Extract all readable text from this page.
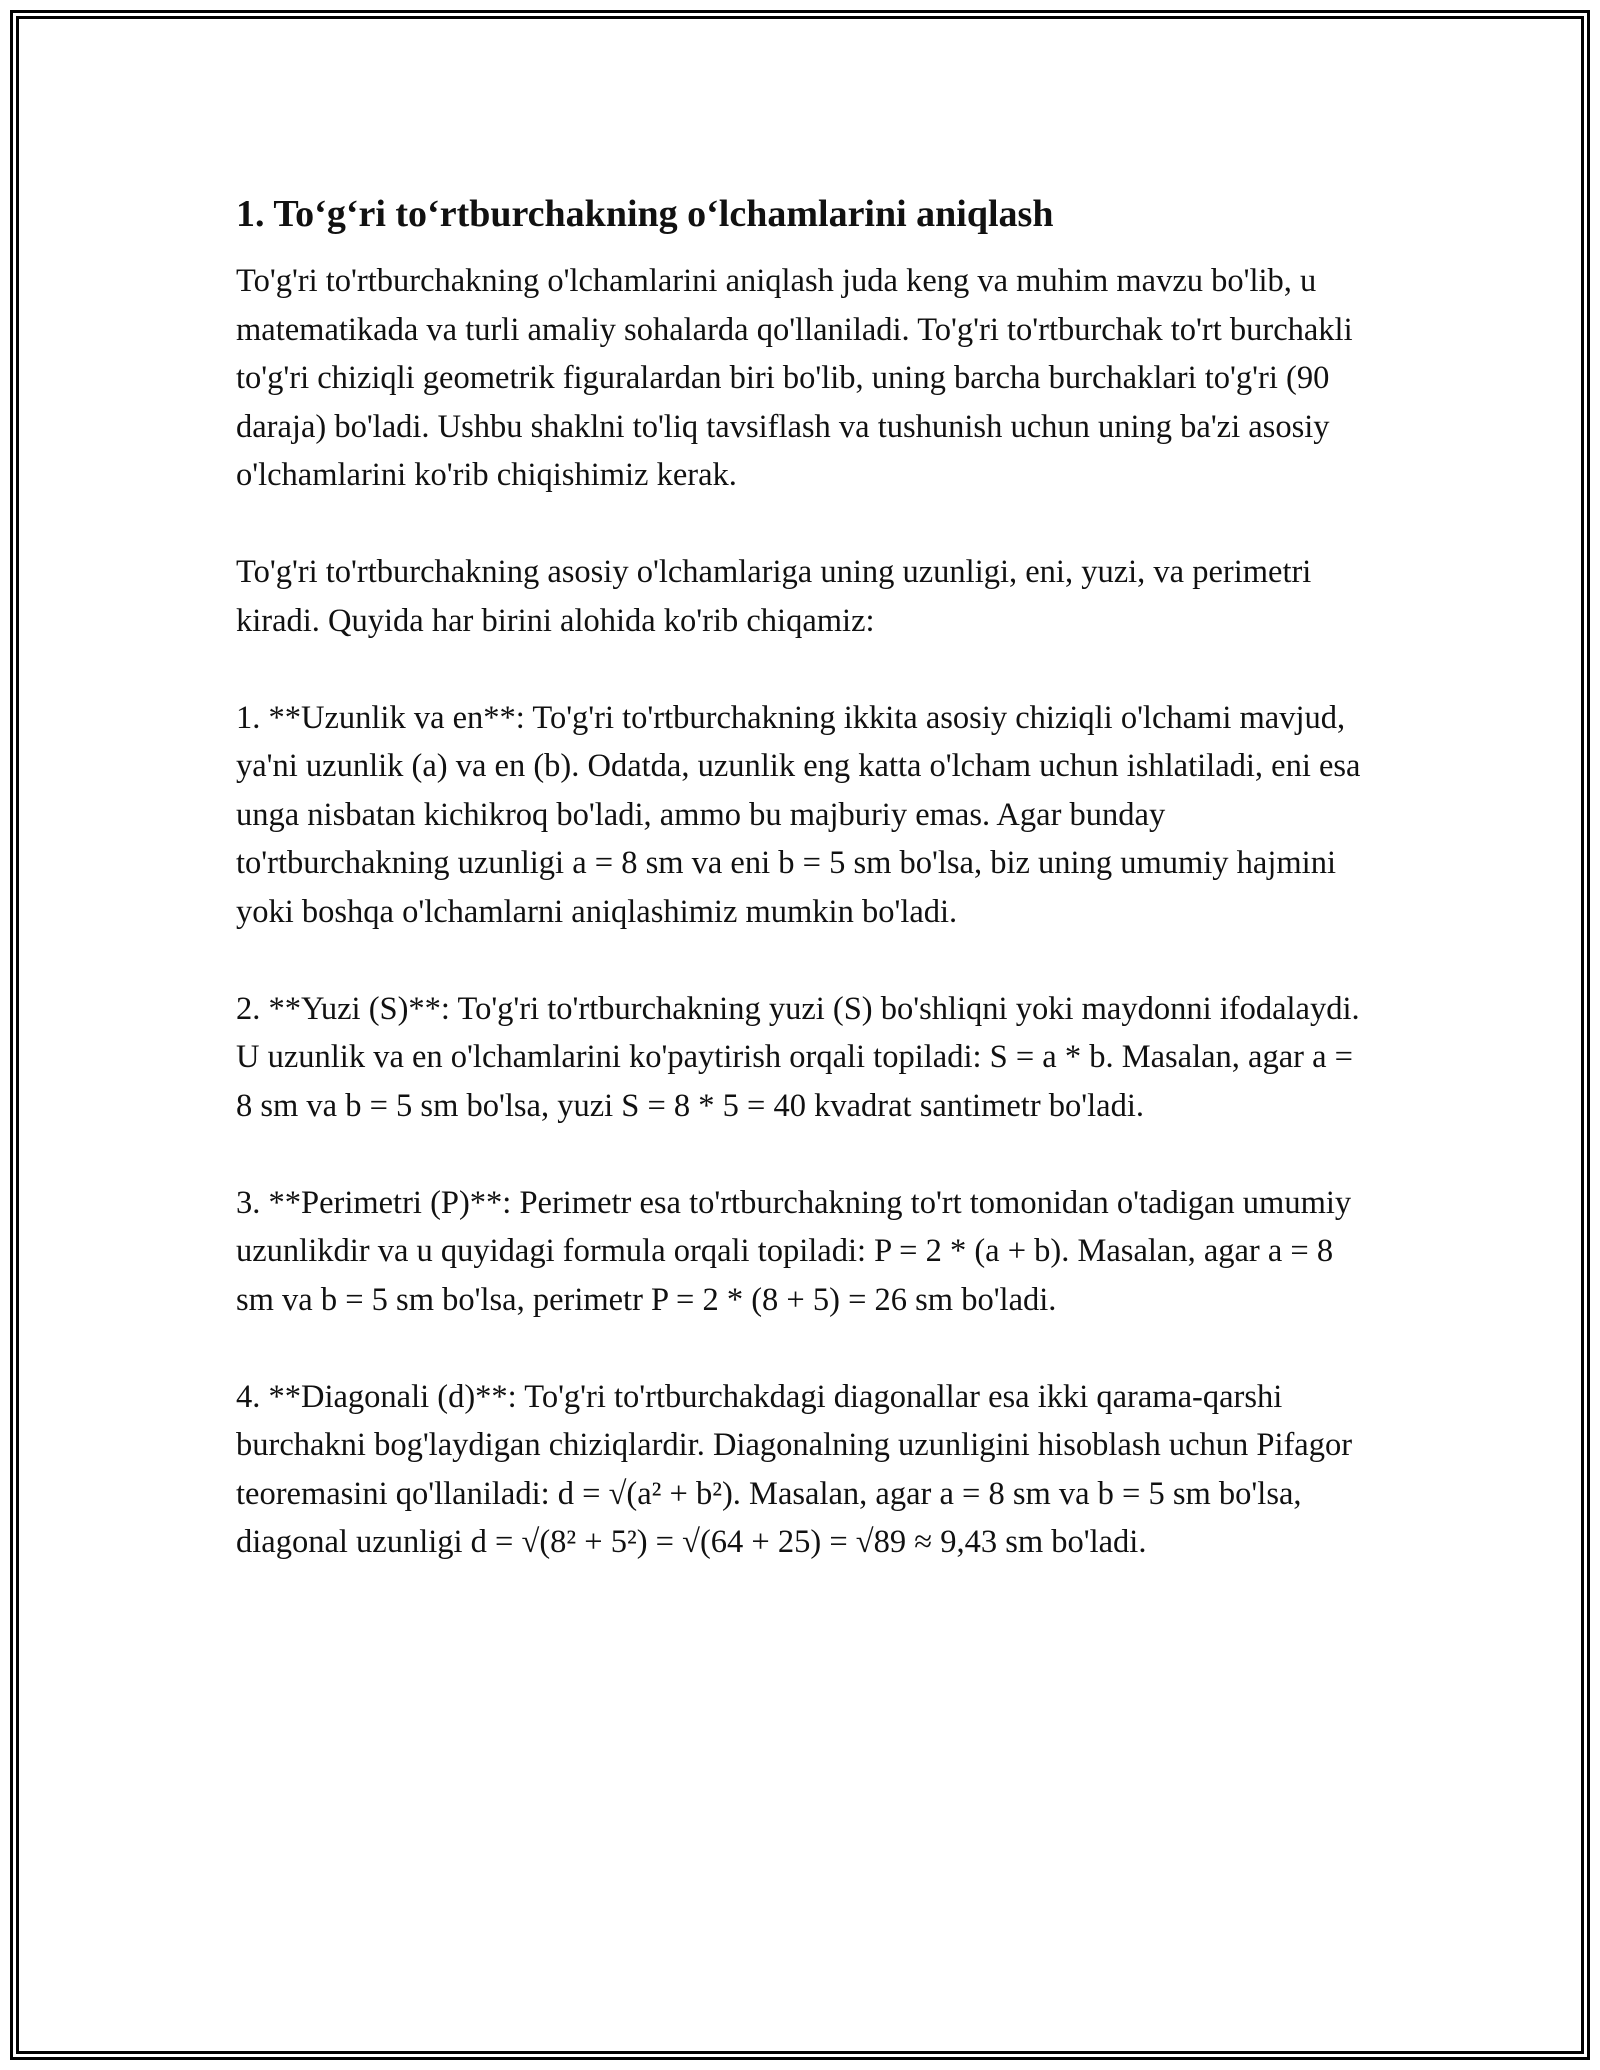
1. To‘g‘ri to‘rtburchakning o‘lchamlarini aniqlash

To'g'ri to'rtburchakning o'lchamlarini aniqlash juda keng va muhim mavzu bo'lib, u matematikada va turli amaliy sohalarda qo'llaniladi. To'g'ri to'rtburchak to'rt burchakli to'g'ri chiziqli geometrik figuralardan biri bo'lib, uning barcha burchaklari to'g'ri (90 daraja) bo'ladi. Ushbu shaklni to'liq tavsiflash va tushunish uchun uning ba'zi asosiy o'lchamlarini ko'rib chiqishimiz kerak.

To'g'ri to'rtburchakning asosiy o'lchamlariga uning uzunligi, eni, yuzi, va perimetri kiradi. Quyida har birini alohida ko'rib chiqamiz:

1. **Uzunlik va en**: To'g'ri to'rtburchakning ikkita asosiy chiziqli o'lchami mavjud, ya'ni uzunlik (a) va en (b). Odatda, uzunlik eng katta o'lcham uchun ishlatiladi, eni esa unga nisbatan kichikroq bo'ladi, ammo bu majburiy emas. Agar bunday to'rtburchakning uzunligi a = 8 sm va eni b = 5 sm bo'lsa, biz uning umumiy hajmini yoki boshqa o'lchamlarni aniqlashimiz mumkin bo'ladi.

2. **Yuzi (S)**: To'g'ri to'rtburchakning yuzi (S) bo'shliqni yoki maydonni ifodalaydi. U uzunlik va en o'lchamlarini ko'paytirish orqali topiladi: S = a * b. Masalan, agar a = 8 sm va b = 5 sm bo'lsa, yuzi S = 8 * 5 = 40 kvadrat santimetr bo'ladi.

3. **Perimetri (P)**: Perimetr esa to'rtburchakning to'rt tomonidan o'tadigan umumiy uzunlikdir va u quyidagi formula orqali topiladi: P = 2 * (a + b). Masalan, agar a = 8 sm va b = 5 sm bo'lsa, perimetr P = 2 * (8 + 5) = 26 sm bo'ladi.

4. **Diagonali (d)**: To'g'ri to'rtburchakdagi diagonallar esa ikki qarama-qarshi burchakni bog'laydigan chiziqlardir. Diagonalning uzunligini hisoblash uchun Pifagor teoremasini qo'llaniladi: d = √(a² + b²). Masalan, agar a = 8 sm va b = 5 sm bo'lsa, diagonal uzunligi d = √(8² + 5²) = √(64 + 25) = √89 ≈ 9,43 sm bo'ladi.
